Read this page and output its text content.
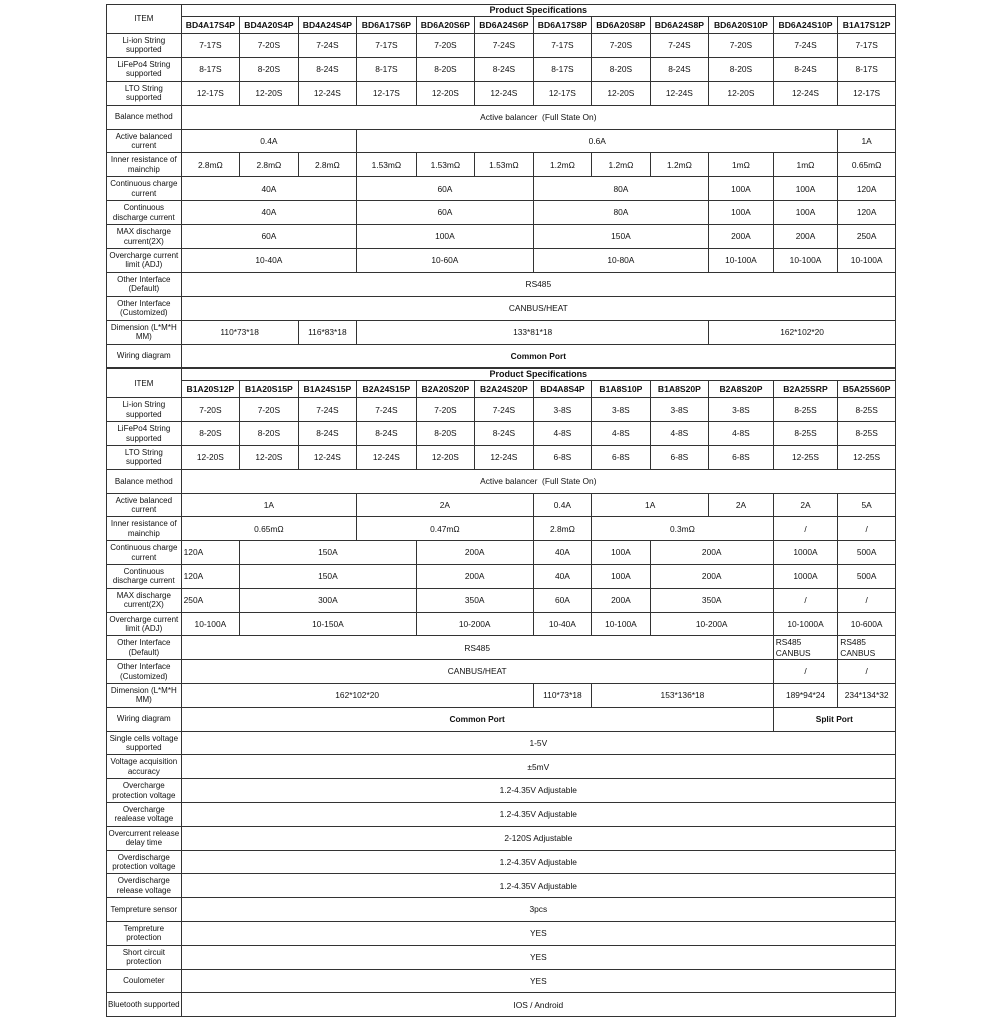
ITEM	Product Specifications											
	BD4A17S4P	BD4A20S4P	BD4A24S4P	BD6A17S6P	BD6A20S6P	BD6A24S6P	BD6A17S8P	BD6A20S8P	BD6A24S8P	BD6A20S10P	BD6A24S10P	B1A17S12P
Li-ion String supported	7-17S	7-20S	7-24S	7-17S	7-20S	7-24S	7-17S	7-20S	7-24S	7-20S	7-24S	7-17S
LiFePo4 String supported	8-17S	8-20S	8-24S	8-17S	8-20S	8-24S	8-17S	8-20S	8-24S	8-20S	8-24S	8-17S
LTO String supported	12-17S	12-20S	12-24S	12-17S	12-20S	12-24S	12-17S	12-20S	12-24S	12-20S	12-24S	12-17S
Balance method	Active balancer  (Full State On)											
Active balanced current	0.4A			0.6A								1A
Inner resistance of mainchip	2.8mΩ	2.8mΩ	2.8mΩ	1.53mΩ	1.53mΩ	1.53mΩ	1.2mΩ	1.2mΩ	1.2mΩ	1mΩ	1mΩ	0.65mΩ
Continuous charge current	40A			60A			80A			100A	100A	120A
Continuous discharge current	40A			60A			80A			100A	100A	120A
MAX discharge current(2X)	60A			100A			150A			200A	200A	250A
Overcharge current limit (ADJ)	10-40A			10-60A			10-80A			10-100A	10-100A	10-100A
Other Interface (Default)	RS485											
Other Interface (Customized)	CANBUS/HEAT											
Dimension (L*M*H MM)	110*73*18		116*83*18	133*81*18						162*102*20		
Wiring diagram	Common Port											
ITEM	Product Specifications											
	B1A20S12P	B1A20S15P	B1A24S15P	B2A24S15P	B2A20S20P	B2A24S20P	BD4A8S4P	B1A8S10P	B1A8S20P	B2A8S20P	B2A25SRP	B5A25S60P
Li-ion String supported	7-20S	7-20S	7-24S	7-24S	7-20S	7-24S	3-8S	3-8S	3-8S	3-8S	8-25S	8-25S
LiFePo4 String supported	8-20S	8-20S	8-24S	8-24S	8-20S	8-24S	4-8S	4-8S	4-8S	4-8S	8-25S	8-25S
LTO String supported	12-20S	12-20S	12-24S	12-24S	12-20S	12-24S	6-8S	6-8S	6-8S	6-8S	12-25S	12-25S
Balance method	Active balancer  (Full State On)											
Active balanced current	1A			2A			0.4A	1A		2A	2A	5A
Inner resistance of mainchip	0.65mΩ			0.47mΩ			2.8mΩ	0.3mΩ			/	/
Continuous charge current	120A	150A			200A		40A	100A	200A		1000A	500A
Continuous discharge current	120A	150A			200A		40A	100A	200A		1000A	500A
MAX discharge current(2X)	250A	300A			350A		60A	200A	350A		/	/
Overcharge current limit (ADJ)	10-100A	10-150A			10-200A		10-40A	10-100A	10-200A		10-1000A	10-600A
Other Interface (Default)	RS485										RS485 CANBUS	RS485 CANBUS
Other Interface (Customized)	CANBUS/HEAT										/	/
Dimension (L*M*H MM)	162*102*20						110*73*18	153*136*18			189*94*24	234*134*32
Wiring diagram	Common Port										Split Port	
Single cells voltage supported	1-5V											
Voltage acquisition accuracy	±5mV											
Overcharge protection voltage	1.2-4.35V Adjustable											
Overcharge realease voltage	1.2-4.35V Adjustable											
Overcurrent release delay time	2-120S Adjustable											
Overdischarge protection voltage	1.2-4.35V Adjustable											
Overdischarge release voltage	1.2-4.35V Adjustable											
Tempreture sensor	3pcs											
Tempreture protection	YES											
Short circuit protection	YES											
Coulometer	YES											
Bluetooth supported	IOS / Android											
